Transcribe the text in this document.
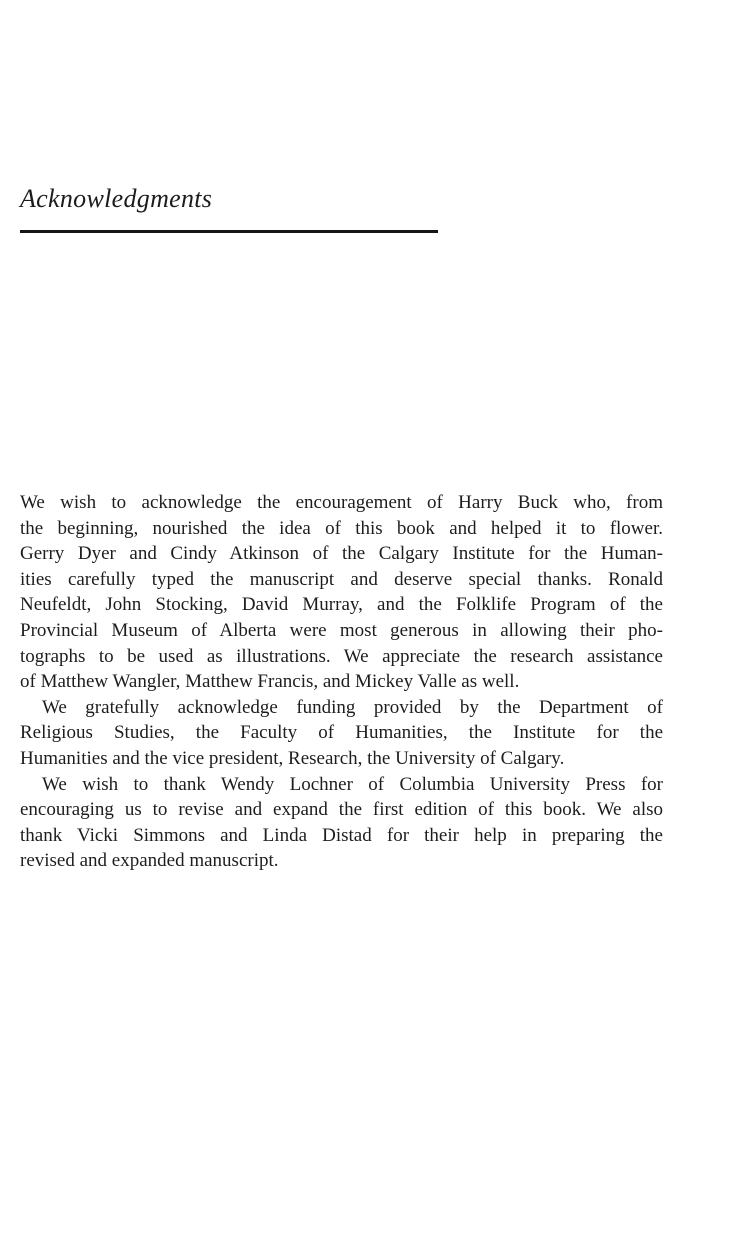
Acknowledgments
We wish to acknowledge the encouragement of Harry Buck who, from
the beginning, nourished the idea of this book and helped it to flower.
Gerry Dyer and Cindy Atkinson of the Calgary Institute for the Human-
ities carefully typed the manuscript and deserve special thanks. Ronald
Neufeldt, John Stocking, David Murray, and the Folklife Program of the
Provincial Museum of Alberta were most generous in allowing their pho-
tographs to be used as illustrations. We appreciate the research assistance
of Matthew Wangler, Matthew Francis, and Mickey Valle as well.
We gratefully acknowledge funding provided by the Department of
Religious Studies, the Faculty of Humanities, the Institute for the
Humanities and the vice president, Research, the University of Calgary.
We wish to thank Wendy Lochner of Columbia University Press for
encouraging us to revise and expand the first edition of this book. We also
thank Vicki Simmons and Linda Distad for their help in preparing the
revised and expanded manuscript.
